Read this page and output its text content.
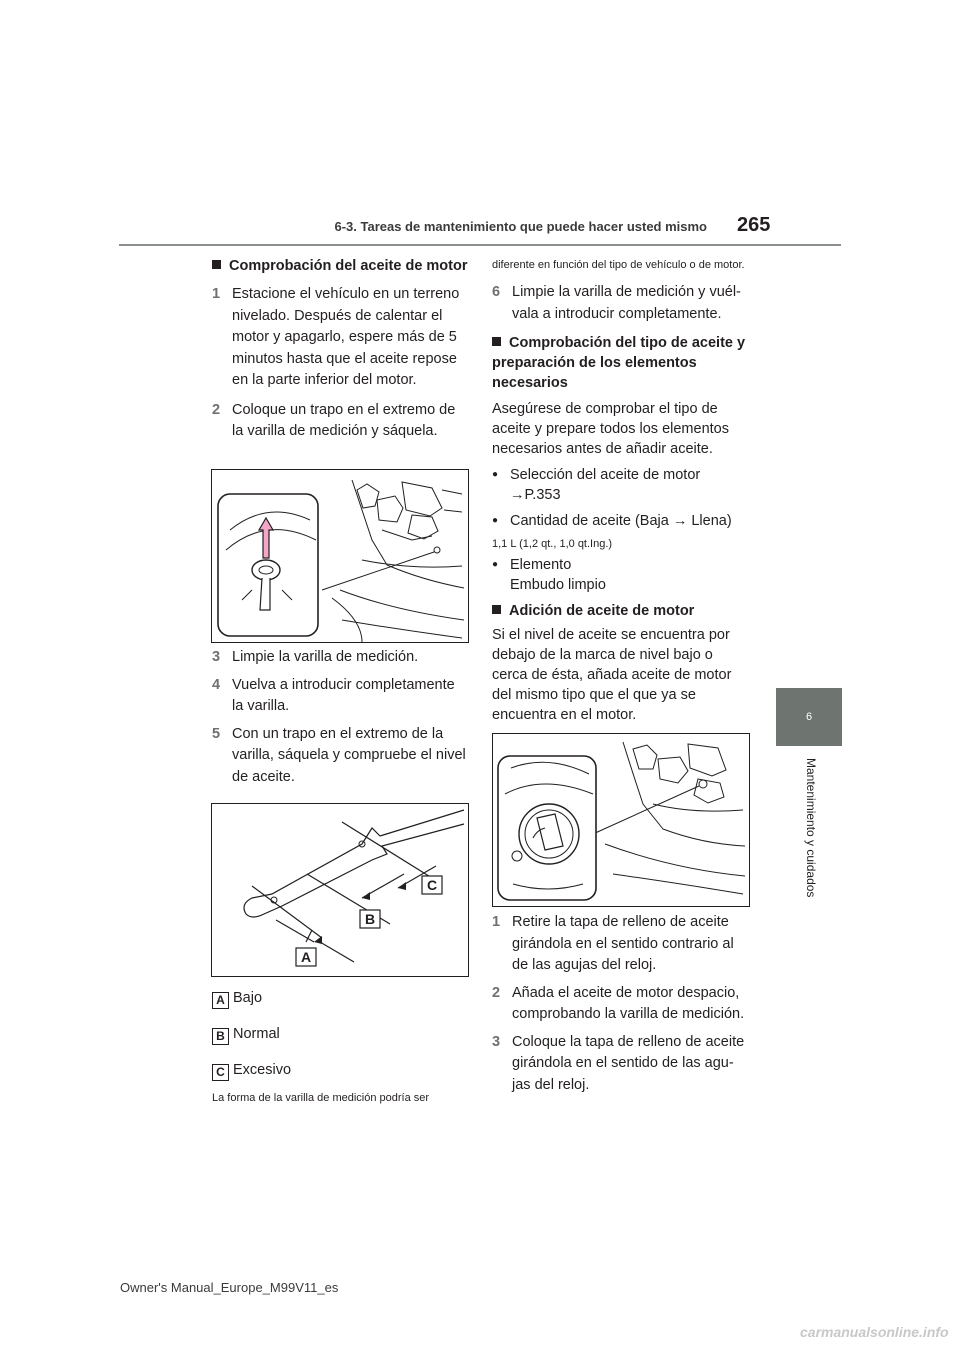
6-3. Tareas de mantenimiento que puede hacer usted mismo 265
6
Mantenimiento y cuidados
Comprobación del aceite de motor
1 Estacione el vehículo en un terreno nivelado. Después de calentar el motor y apagarlo, espere más de 5 minutos hasta que el aceite repose en la parte inferior del motor.
2 Coloque un trapo en el extremo de la varilla de medición y sáquela.
3 Limpie la varilla de medición.
4 Vuelva a introducir completamente la varilla.
5 Con un trapo en el extremo de la varilla, sáquela y compruebe el nivel de aceite.
C
B
A
A Bajo
B Normal
C Excesivo
La forma de la varilla de medición podría ser
diferente en función del tipo de vehículo o de motor.
6 Limpie la varilla de medición y vuél-vala a introducir completamente.
Comprobación del tipo de aceite y preparación de los elementos necesarios
Asegúrese de comprobar el tipo de aceite y prepare todos los elementos necesarios antes de añadir aceite.
● Selección del aceite de motor
→P.353
● Cantidad de aceite (Baja → Llena)
1,1 L (1,2 qt., 1,0 qt.Ing.)
● Elemento
Embudo limpio
Adición de aceite de motor
Si el nivel de aceite se encuentra por debajo de la marca de nivel bajo o cerca de ésta, añada aceite de motor del mismo tipo que el que ya se encuentra en el motor.
1 Retire la tapa de relleno de aceite girándola en el sentido contrario al de las agujas del reloj.
2 Añada el aceite de motor despacio, comprobando la varilla de medición.
3 Coloque la tapa de relleno de aceite girándola en el sentido de las agu-jas del reloj.
Owner's Manual_Europe_M99V11_es
carmanualsonline.info
